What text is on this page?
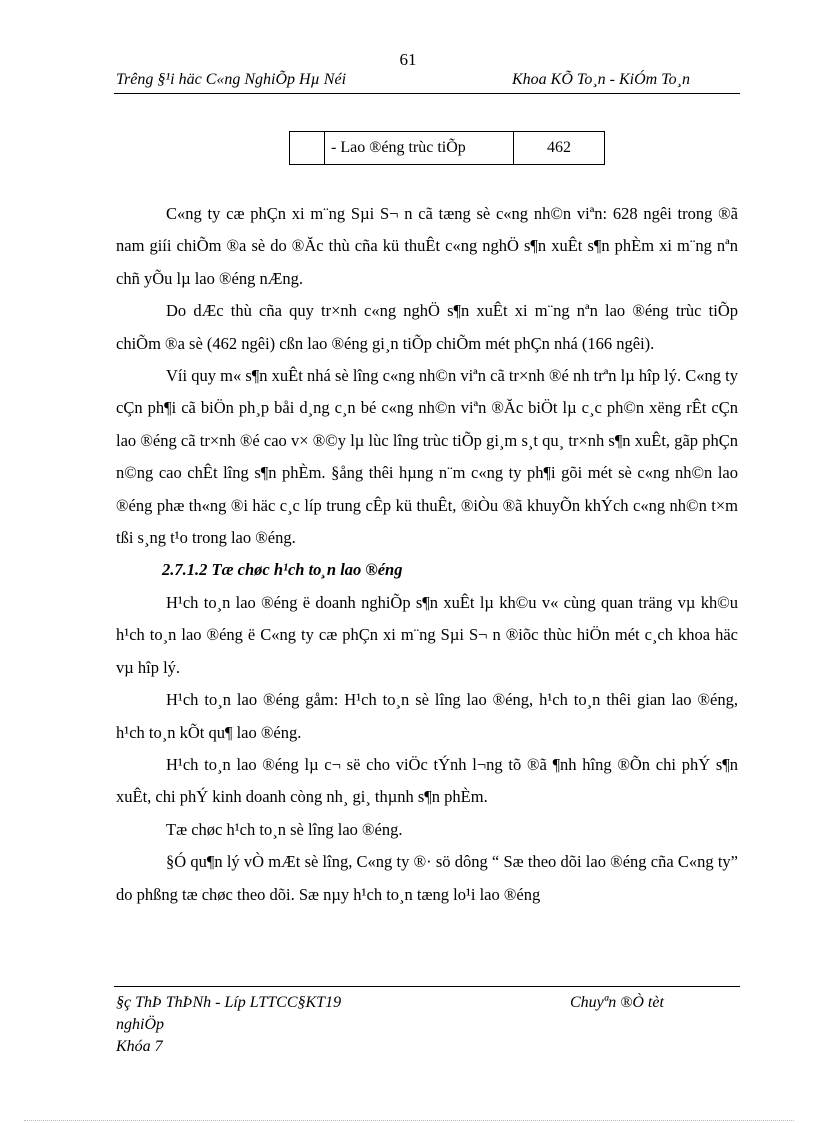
61
Trêng §¹i häc C«ng NghiÕp Hµ Néi	Khoa KÕ To¸n - KiÓm To¸n
	- Lao ®éng trùc tiÕp	462

C«ng ty cæ phÇn xi m¨ng Sµi S¬ n cã tæng sè c«ng nh©n viªn: 628 ngêi trong ®ã nam giíi chiÕm ®a sè do ®Ăc thù cña kü thuÊt c«ng nghÖ s¶n xuÊt s¶n phÈm xi m¨ng nªn chñ yÕu lµ lao ®éng nÆng.

Do dÆc thù cña quy tr×nh c«ng nghÖ s¶n xuÊt xi m¨ng nªn lao ®éng trùc tiÕp chiÕm ®a sè (462 ngêi) cßn lao ®éng gi¸n tiÕp chiÕm mét phÇn nhá (166 ngêi).

Víi quy m« s¶n xuÊt nhá sè lîng c«ng nh©n viªn cã tr×nh ®é nh trªn lµ hîp lý. C«ng ty cÇn ph¶i cã biÖn ph¸p båi d¸ng c¸n bé c«ng nh©n viªn ®Ăc biÖt lµ c¸c ph©n xëng rÊt cÇn lao ®éng cã tr×nh ®é cao v× ®©y lµ lùc lîng trùc tiÕp gi¸m s¸t qu¸ tr×nh s¶n xuÊt, gãp phÇn n©ng cao chÊt lîng s¶n phÈm. §ång thêi hµng n¨m c«ng ty ph¶i gõi mét sè c«ng nh©n lao ®éng phæ th«ng ®i häc c¸c líp trung cÊp kü thuÊt, ®iÒu ®ã khuyÕn khÝch c«ng nh©n t×m tßi s¸ng t¹o trong lao ®éng.

2.7.1.2 Tæ chøc h¹ch to¸n lao ®éng

H¹ch to¸n lao ®éng ë doanh nghiÕp s¶n xuÊt lµ kh©u v« cùng quan träng vµ kh©u h¹ch to¸n lao ®éng ë C«ng ty cæ phÇn xi m¨ng Sµi S¬ n ®iõc thùc hiÖn mét c¸ch khoa häc vµ hîp lý.

H¹ch to¸n lao ®éng gåm: H¹ch to¸n sè lîng lao ®éng, h¹ch to¸n thêi gian lao ®éng, h¹ch to¸n kÕt qu¶ lao ®éng.

H¹ch to¸n lao ®éng lµ c¬ së cho viÖc tÝnh l¬ng tõ ®ã ¶nh hîng ®Õn chi phÝ s¶n xuÊt, chi phÝ kinh doanh còng nh¸ gi¸ thµnh s¶n phÈm.

Tæ chøc h¹ch to¸n sè lîng lao ®éng.

§Ó qu¶n lý vÒ mÆt sè lîng, C«ng ty ®· sö dông “ Sæ theo dõi lao ®éng cña C«ng ty” do phßng tæ chøc theo dõi. Sæ nµy h¹ch to¸n tæng lo¹i lao ®éng

§ç ThÞ ThÞNh - Líp LTTCC§KT19
nghiÖp
Khóa 7
Chuyªn ®Ò tèt
